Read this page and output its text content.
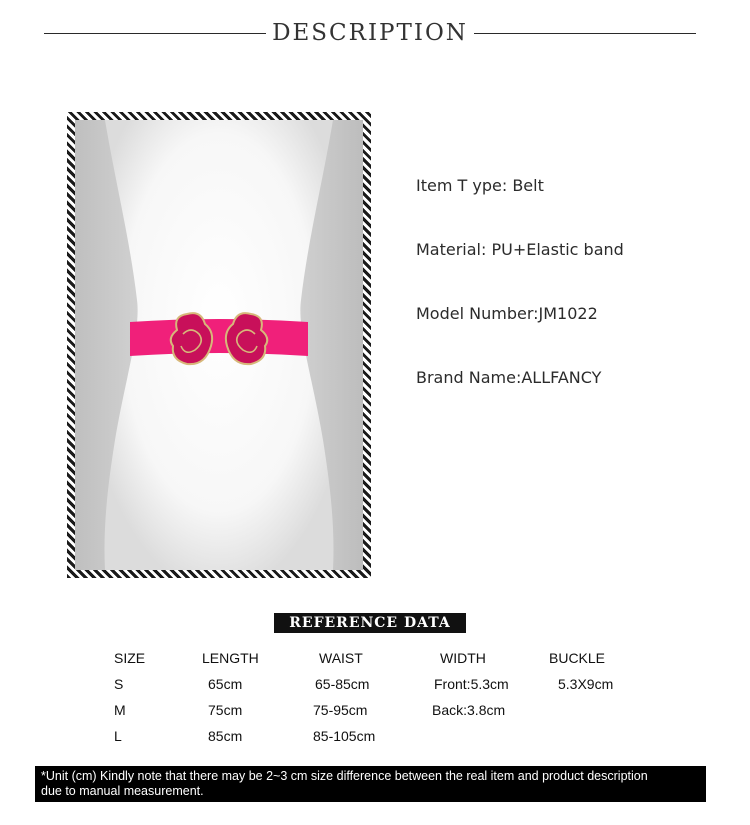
DESCRIPTION
Item T ype: Belt
Material: PU+Elastic band
Model Number:JM1022
Brand Name:ALLFANCY
REFERENCE DATA
SIZE	LENGTH	WAIST	WIDTH	BUCKLE
S	65cm	65-85cm	Front:5.3cm	5.3X9cm
M	75cm	75-95cm	Back:3.8cm
L	85cm	85-105cm
*Unit (cm) Kindly note that there may be 2~3 cm size difference between the real item and product description
due to manual measurement.
